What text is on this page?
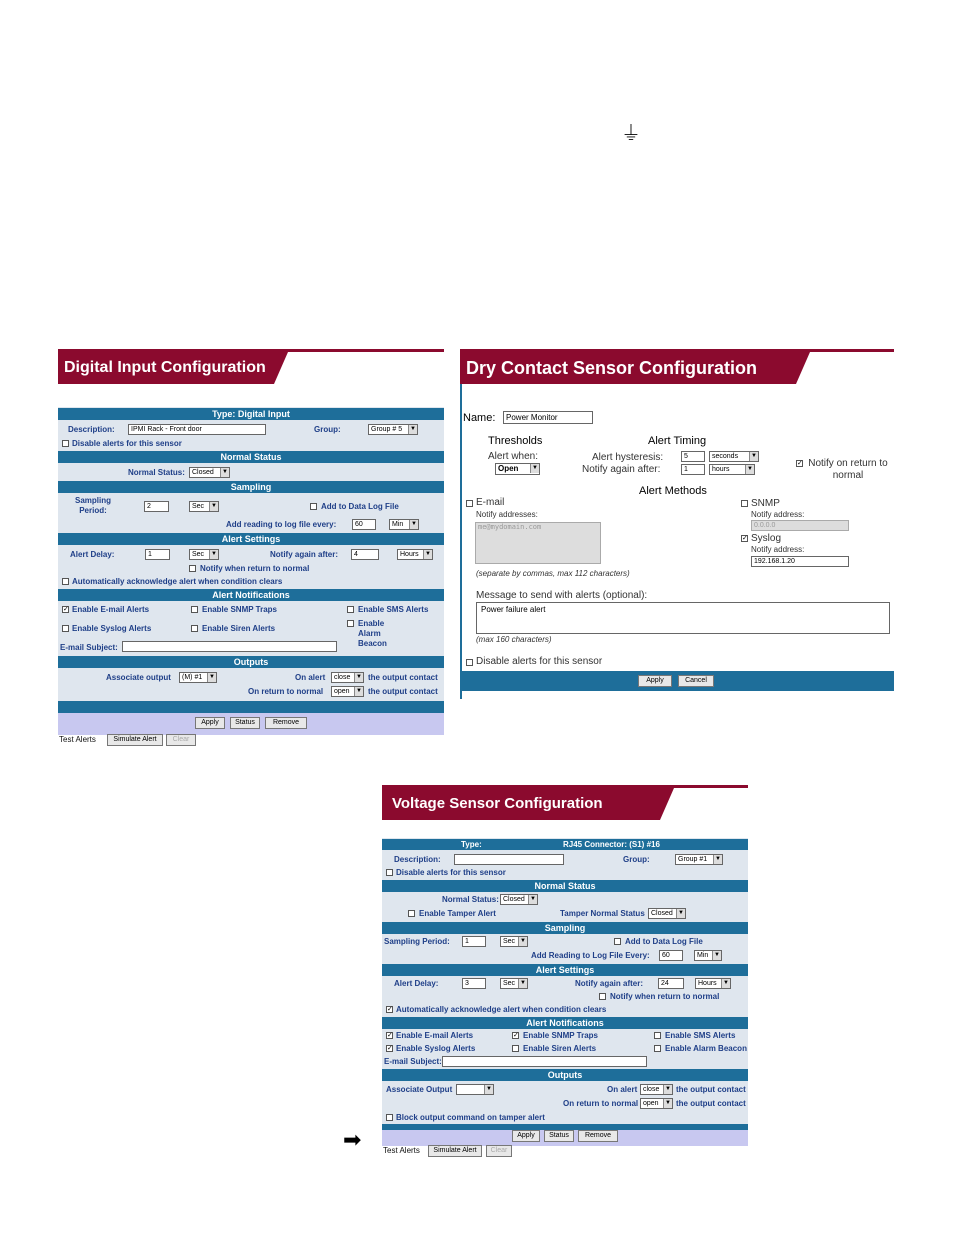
⏚
Digital Input Configuration
Type: Digital Input
Description:	IPMI Rack - Front door	Group:	Group # 5	▼
Disable alerts for this sensor
Normal Status
Normal Status:	Closed	▼
Sampling
Sampling Period:	2	Sec	▼	Add to Data Log File
Add reading to log file every:	60	Min	▼
Alert Settings
Alert Delay:	1	Sec	▼	Notify again after:	4	Hours	▼
Notify when return to normal
Automatically acknowledge alert when condition clears
Alert Notifications
✓ Enable E-mail Alerts	Enable SNMP Traps	Enable SMS Alerts
Enable Syslog Alerts	Enable Siren Alerts
Enable Alarm Beacon
E-mail Subject:
Outputs
Associate output	(M) #1	▼	On alert	close ▼ the output contact
On return to normal	open	▼ the output contact
Apply	Status	Remove
Test Alerts	Simulate Alert	Clear
Dry Contact Sensor Configuration
Name:	Power Monitor
Thresholds
Alert when:
Open	▼
Alert Timing
Alert hysteresis:	5	seconds	▼
Notify again after:	1	hours	▼
✓ Notify on return to normal
Alert Methods
E-mail
Notify addresses:
me@mydomain.com
SNMP
Notify address:
0.0.0.0
✓ Syslog
Notify address:
192.168.1.20
(separate by commas, max 112 characters)
Message to send with alerts (optional):
Power failure alert
(max 160 characters)
Disable alerts for this sensor
Apply	Cancel
➡
Voltage Sensor Configuration
Type:	RJ45 Connector: (S1) #16
Description:	Group:	Group #1	▼
Disable alerts for this sensor
Normal Status
Normal Status: Closed ▼
Enable Tamper Alert	Tamper Normal Status Closed ▼
Sampling
Sampling Period:	1	Sec ▼	Add to Data Log File
Add Reading to Log File Every:	60	Min ▼
Alert Settings
Alert Delay:	3	Sec ▼	Notify again after:	24	Hours	▼
Notify when return to normal
✓ Automatically acknowledge alert when condition clears
Alert Notifications
✓ Enable E-mail Alerts	✓ Enable SNMP Traps	Enable SMS Alerts
✓ Enable Syslog Alerts	Enable Siren Alerts	Enable Alarm Beacon
E-mail Subject:
Outputs
Associate Output	▼	On alert close ▼ the output contact
On return to normal open	▼ the output contact
Block output command on tamper alert
Apply	Status	Remove
Test Alerts	Simulate Alert	Clear
